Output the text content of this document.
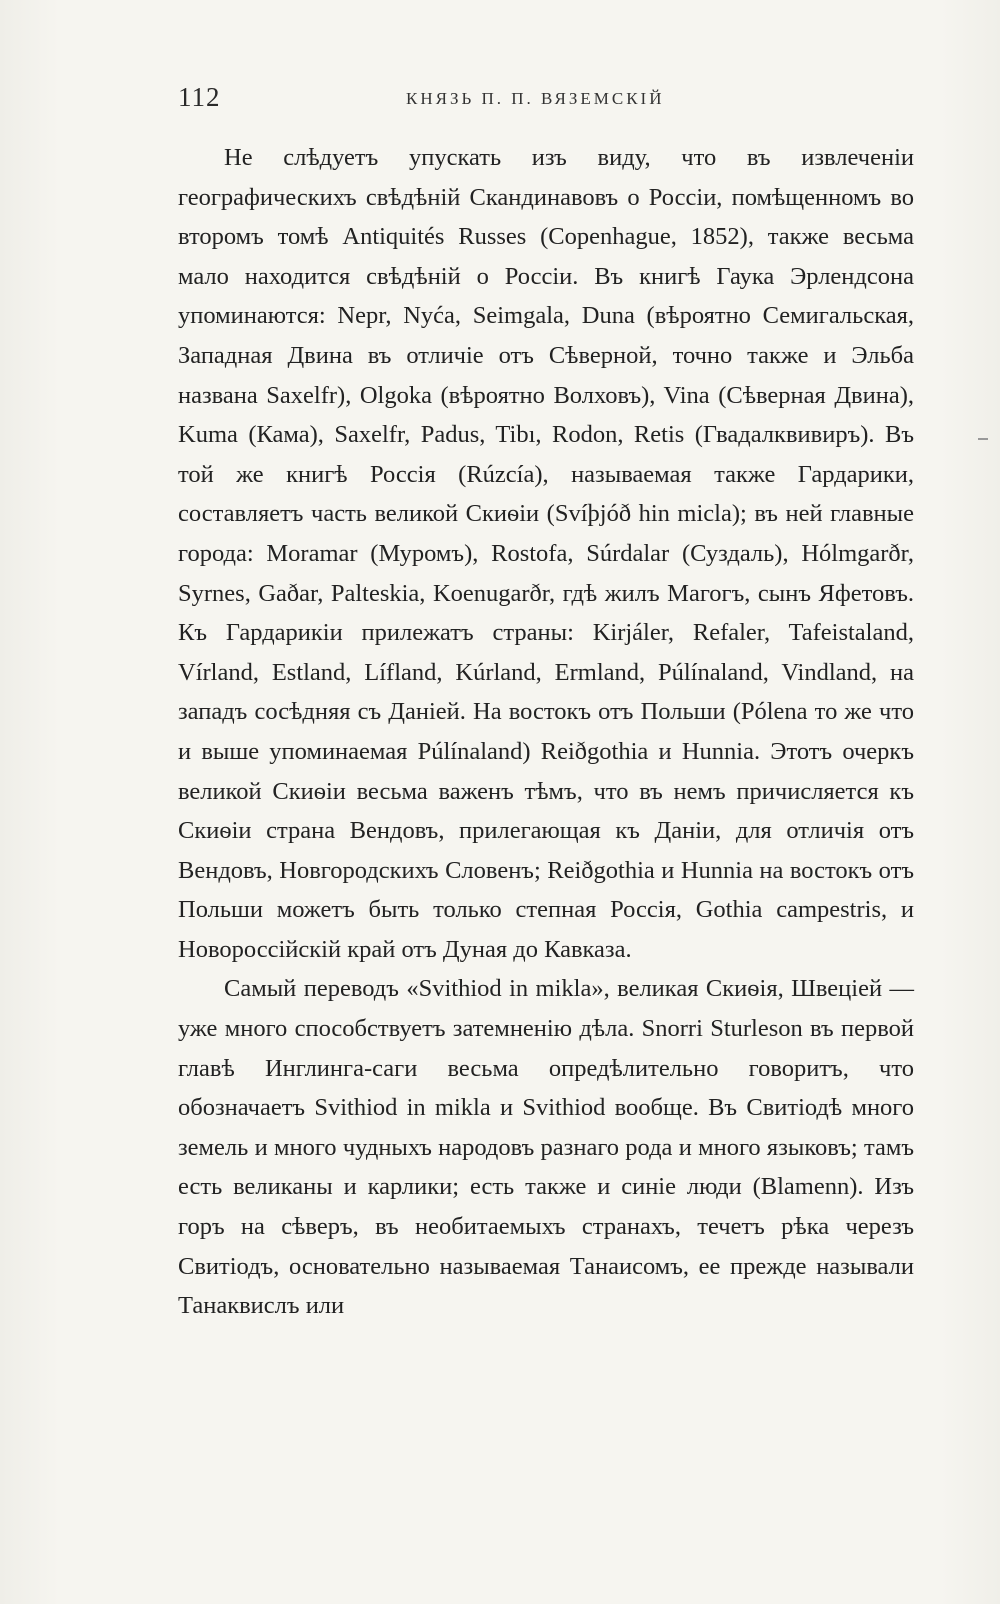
112	КНЯЗЬ П. П. ВЯЗЕМСКІЙ

Не слѣдуетъ упускать изъ виду, что въ извлеченіи географическихъ свѣдѣній Скандинавовъ о Россіи, помѣщенномъ во второмъ томѣ Antiquités Russes (Copenhague, 1852), также весьма мало находится свѣдѣній о Россіи. Въ книгѣ Гаука Эрлендсона упоминаются: Nepr, Nyća, Seimgala, Duna (вѣроятно Семигальская, Западная Двина въ отличіе отъ Сѣверной, точно также и Эльба названа Saxelfr), Olgoka (вѣроятно Волховъ), Vina (Сѣверная Двина), Kuma (Кама), Saxelfr, Padus, Tibı, Rodon, Retis (Гвадалквивиръ). Въ той же книгѣ Россія (Rúzcía), называемая также Гардарики, составляетъ часть великой Скиѳіи (Svíþjóð hin micla); въ ней главные города: Moramar (Муромъ), Rostofa, Súrdalar (Суздаль), Hólmgarðr, Syrnes, Gaðar, Palteskia, Koenugarðr, гдѣ жилъ Магогъ, сынъ Яфетовъ. Къ Гардарикіи прилежатъ страны: Kirjáler, Refaler, Tafeistaland, Vírland, Estland, Lífland, Kúrland, Ermland, Púlínaland, Vindland, на западъ сосѣдняя съ Даніей. На востокъ отъ Польши (Pólena то же что и выше упоминаемая Púlínaland) Reiðgothia и Hunnia. Этотъ очеркъ великой Скиѳіи весьма важенъ тѣмъ, что въ немъ причисляется къ Скиѳіи страна Вендовъ, прилегающая къ Даніи, для отличія отъ Вендовъ, Новгородскихъ Словенъ; Reiðgothia и Hunnia на востокъ отъ Польши можетъ быть только степная Россія, Gothia campestris, и Новороссійскій край отъ Дуная до Кавказа.

Самый переводъ «Svithiod in mikla», великая Скиѳія, Швеціей — уже много способствуетъ затемненію дѣла. Snorri Sturleson въ первой главѣ Инглинга-саги весьма опредѣлительно говоритъ, что обозначаетъ Svithiod in mikla и Svithiod вообще. Въ Свитіодѣ много земель и много чудныхъ народовъ разнаго рода и много языковъ; тамъ есть великаны и карлики; есть также и синіе люди (Blamenn). Изъ горъ на сѣверъ, въ необитаемыхъ странахъ, течетъ рѣка черезъ Свитіодъ, основательно называемая Танаисомъ, ее прежде называли Танаквислъ или
